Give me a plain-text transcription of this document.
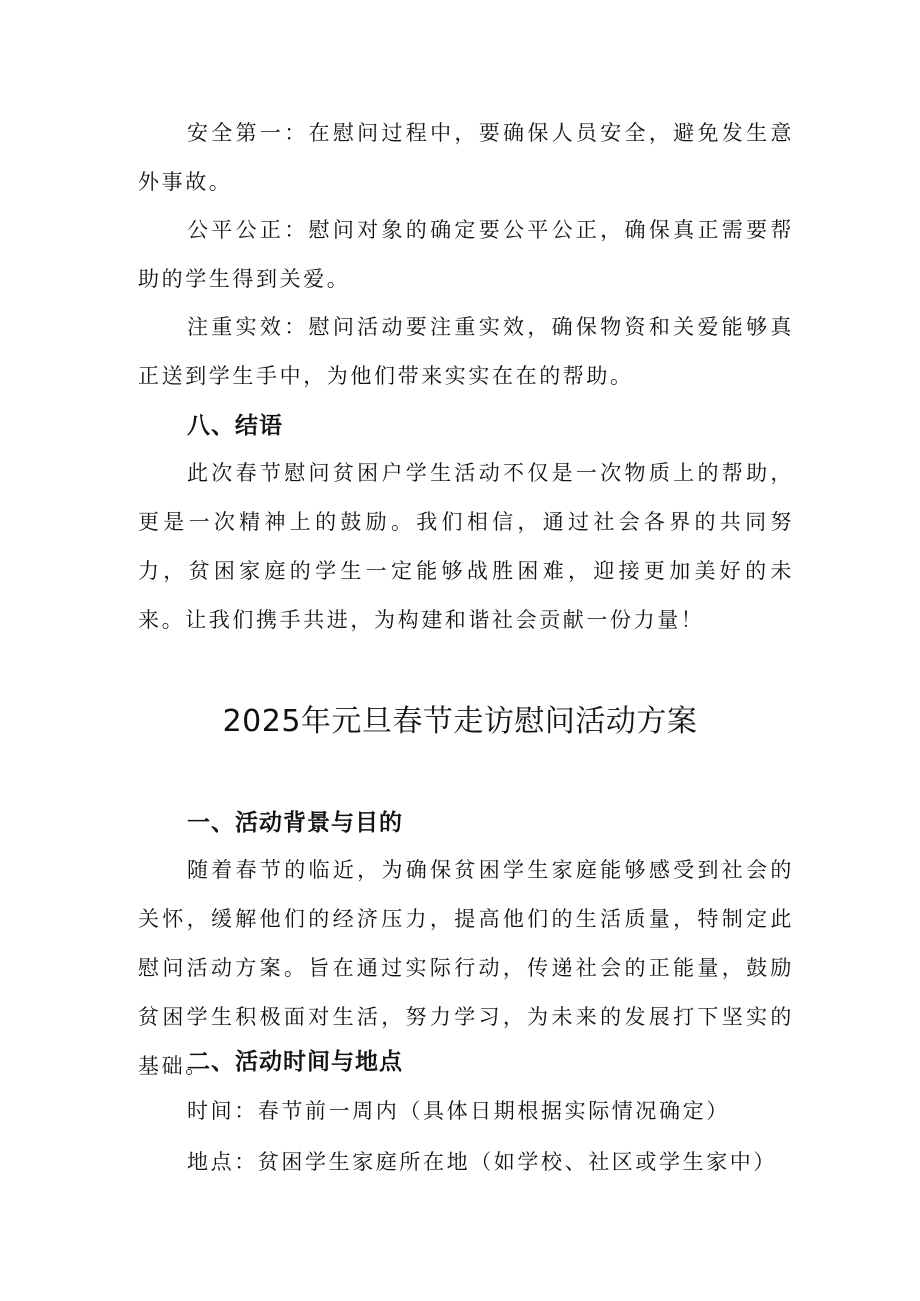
安全第一：在慰问过程中，要确保人员安全，避免发生意外事故。

公平公正：慰问对象的确定要公平公正，确保真正需要帮助的学生得到关爱。

注重实效：慰问活动要注重实效，确保物资和关爱能够真正送到学生手中，为他们带来实实在在的帮助。

八、结语

此次春节慰问贫困户学生活动不仅是一次物质上的帮助，更是一次精神上的鼓励。我们相信，通过社会各界的共同努力，贫困家庭的学生一定能够战胜困难，迎接更加美好的未来。让我们携手共进，为构建和谐社会贡献一份力量！

2025年元旦春节走访慰问活动方案
一、活动背景与目的

随着春节的临近，为确保贫困学生家庭能够感受到社会的关怀，缓解他们的经济压力，提高他们的生活质量，特制定此慰问活动方案。旨在通过实际行动，传递社会的正能量，鼓励贫困学生积极面对生活，努力学习，为未来的发展打下坚实的基础。

二、活动时间与地点

时间：春节前一周内（具体日期根据实际情况确定）

地点：贫困学生家庭所在地（如学校、社区或学生家中）
